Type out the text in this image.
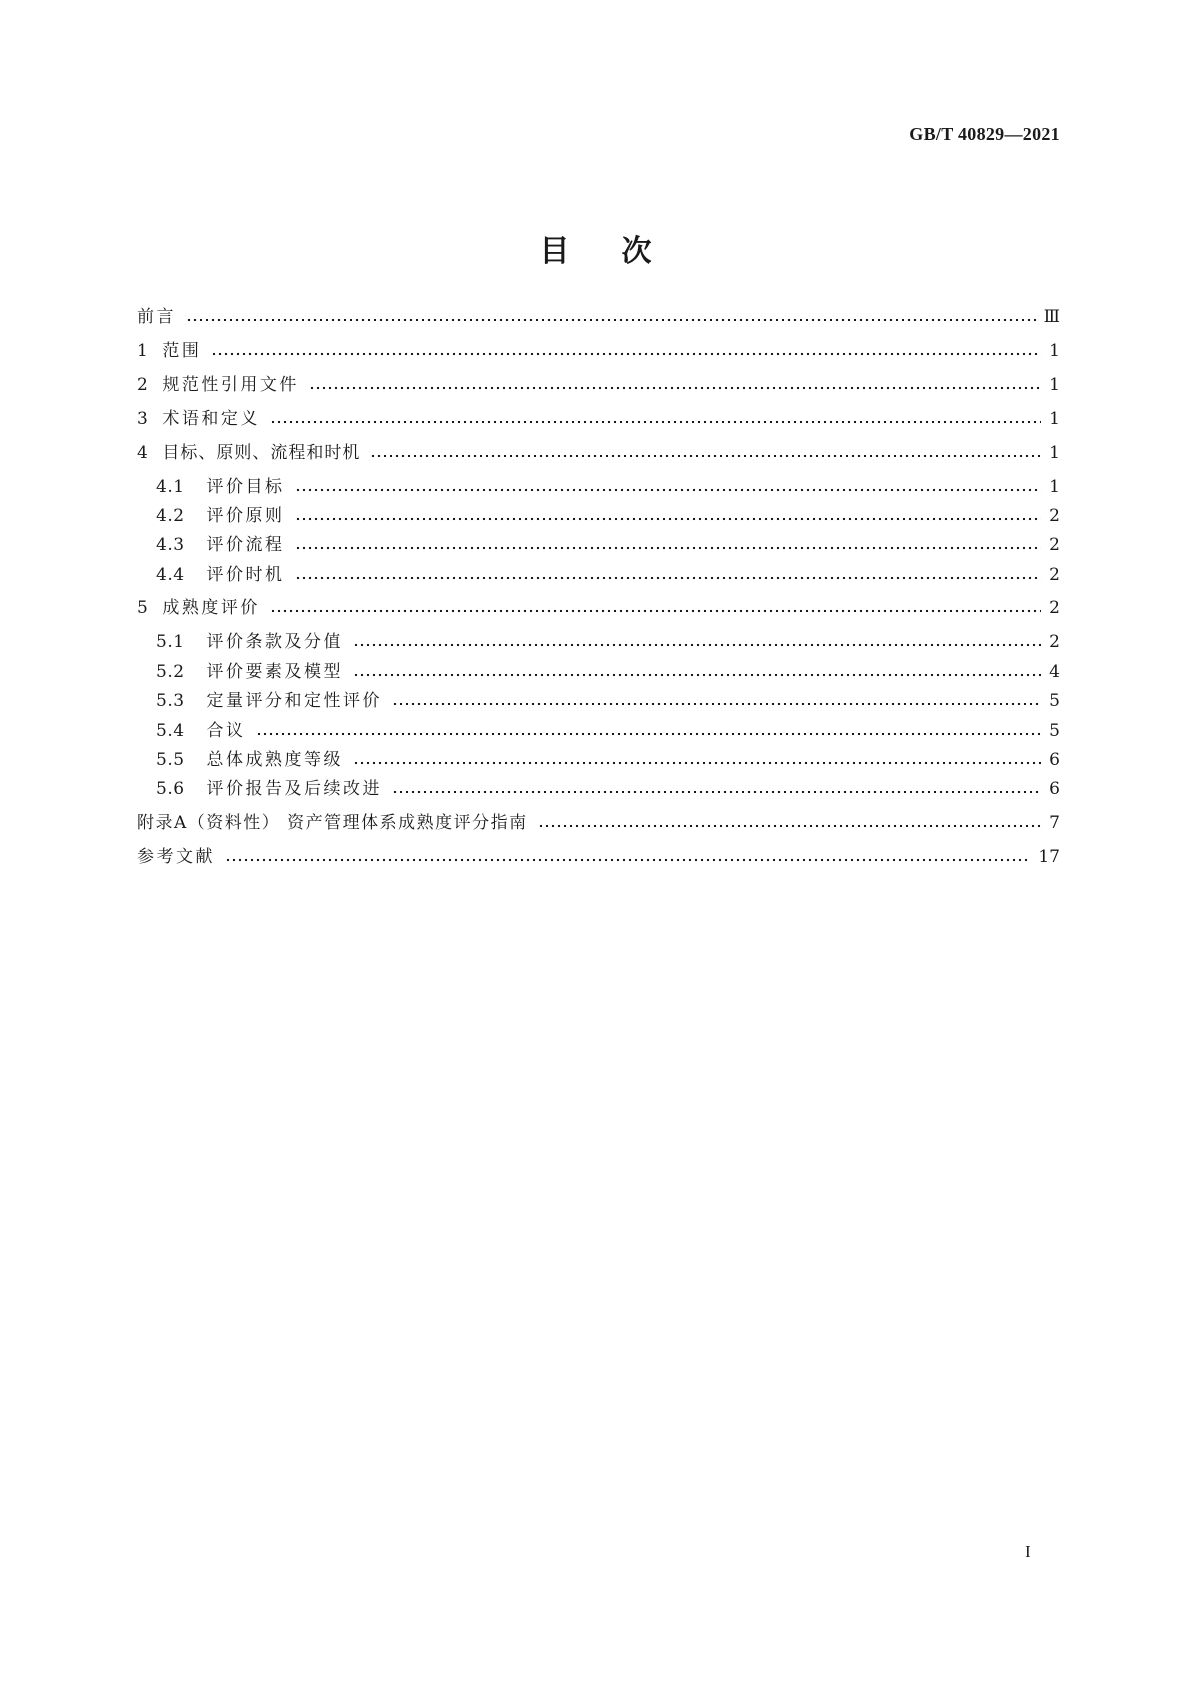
GB/T 40829—2021
目次
前言	Ⅲ
1 范围	1
2 规范性引用文件	1
3 术语和定义	1
4 目标、原则、流程和时机	1
4.1 评价目标	1
4.2 评价原则	2
4.3 评价流程	2
4.4 评价时机	2
5 成熟度评价	2
5.1 评价条款及分值	2
5.2 评价要素及模型	4
5.3 定量评分和定性评价	5
5.4 合议	5
5.5 总体成熟度等级	6
5.6 评价报告及后续改进	6
附录A（资料性） 资产管理体系成熟度评分指南	7
参考文献	17
I
